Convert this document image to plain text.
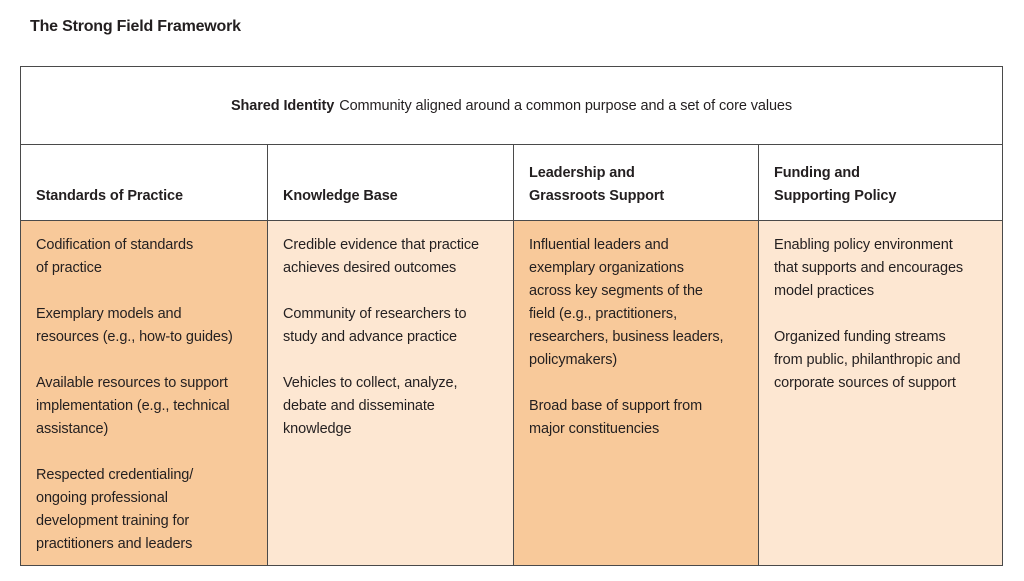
The Strong Field Framework
Shared Identity Community aligned around a common purpose and a set of core values
Standards of Practice
Codification of standards
of practice
Exemplary models and
resources (e.g., how-to guides)
Available resources to support
implementation (e.g., technical
assistance)
Respected credentialing/
ongoing professional
development training for
practitioners and leaders
Knowledge Base
Credible evidence that practice
achieves desired outcomes
Community of researchers to
study and advance practice
Vehicles to collect, analyze,
debate and disseminate
knowledge
Leadership and
Grassroots Support
Influential leaders and
exemplary organizations
across key segments of the
field (e.g., practitioners,
researchers, business leaders,
policymakers)
Broad base of support from
major constituencies
Funding and
Supporting Policy
Enabling policy environment
that supports and encourages
model practices
Organized funding streams
from public, philanthropic and
corporate sources of support
